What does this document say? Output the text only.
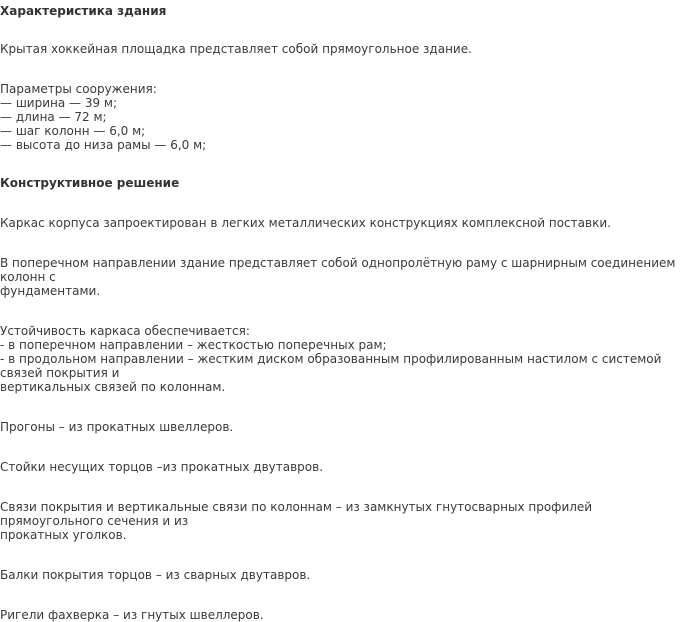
Характеристика здания

Крытая хоккейная площадка представляет собой прямоугольное здание.

Параметры сооружения:

— ширина — 39 м;

— длина — 72 м;

— шаг колонн — 6,0 м;

— высота до низа рамы — 6,0 м;

Конструктивное решение

Каркас корпуса запроектирован в легких металлических конструкциях комплексной поставки.

В поперечном направлении здание представляет собой однопролётную раму с шарнирным соединением колонн с

фундаментами.

Устойчивость каркаса обеспечивается:

- в поперечном направлении – жесткостью поперечных рам;

- в продольном направлении – жестким диском образованным профилированным настилом с системой связей покрытия и

вертикальных связей по колоннам.

Прогоны – из прокатных швеллеров.

Стойки несущих торцов –из прокатных двутавров.

Связи покрытия и вертикальные связи по колоннам – из замкнутых гнутосварных профилей прямоугольного сечения и из

прокатных уголков.

Балки покрытия торцов – из сварных двутавров.

Ригели фахверка – из гнутых швеллеров.
